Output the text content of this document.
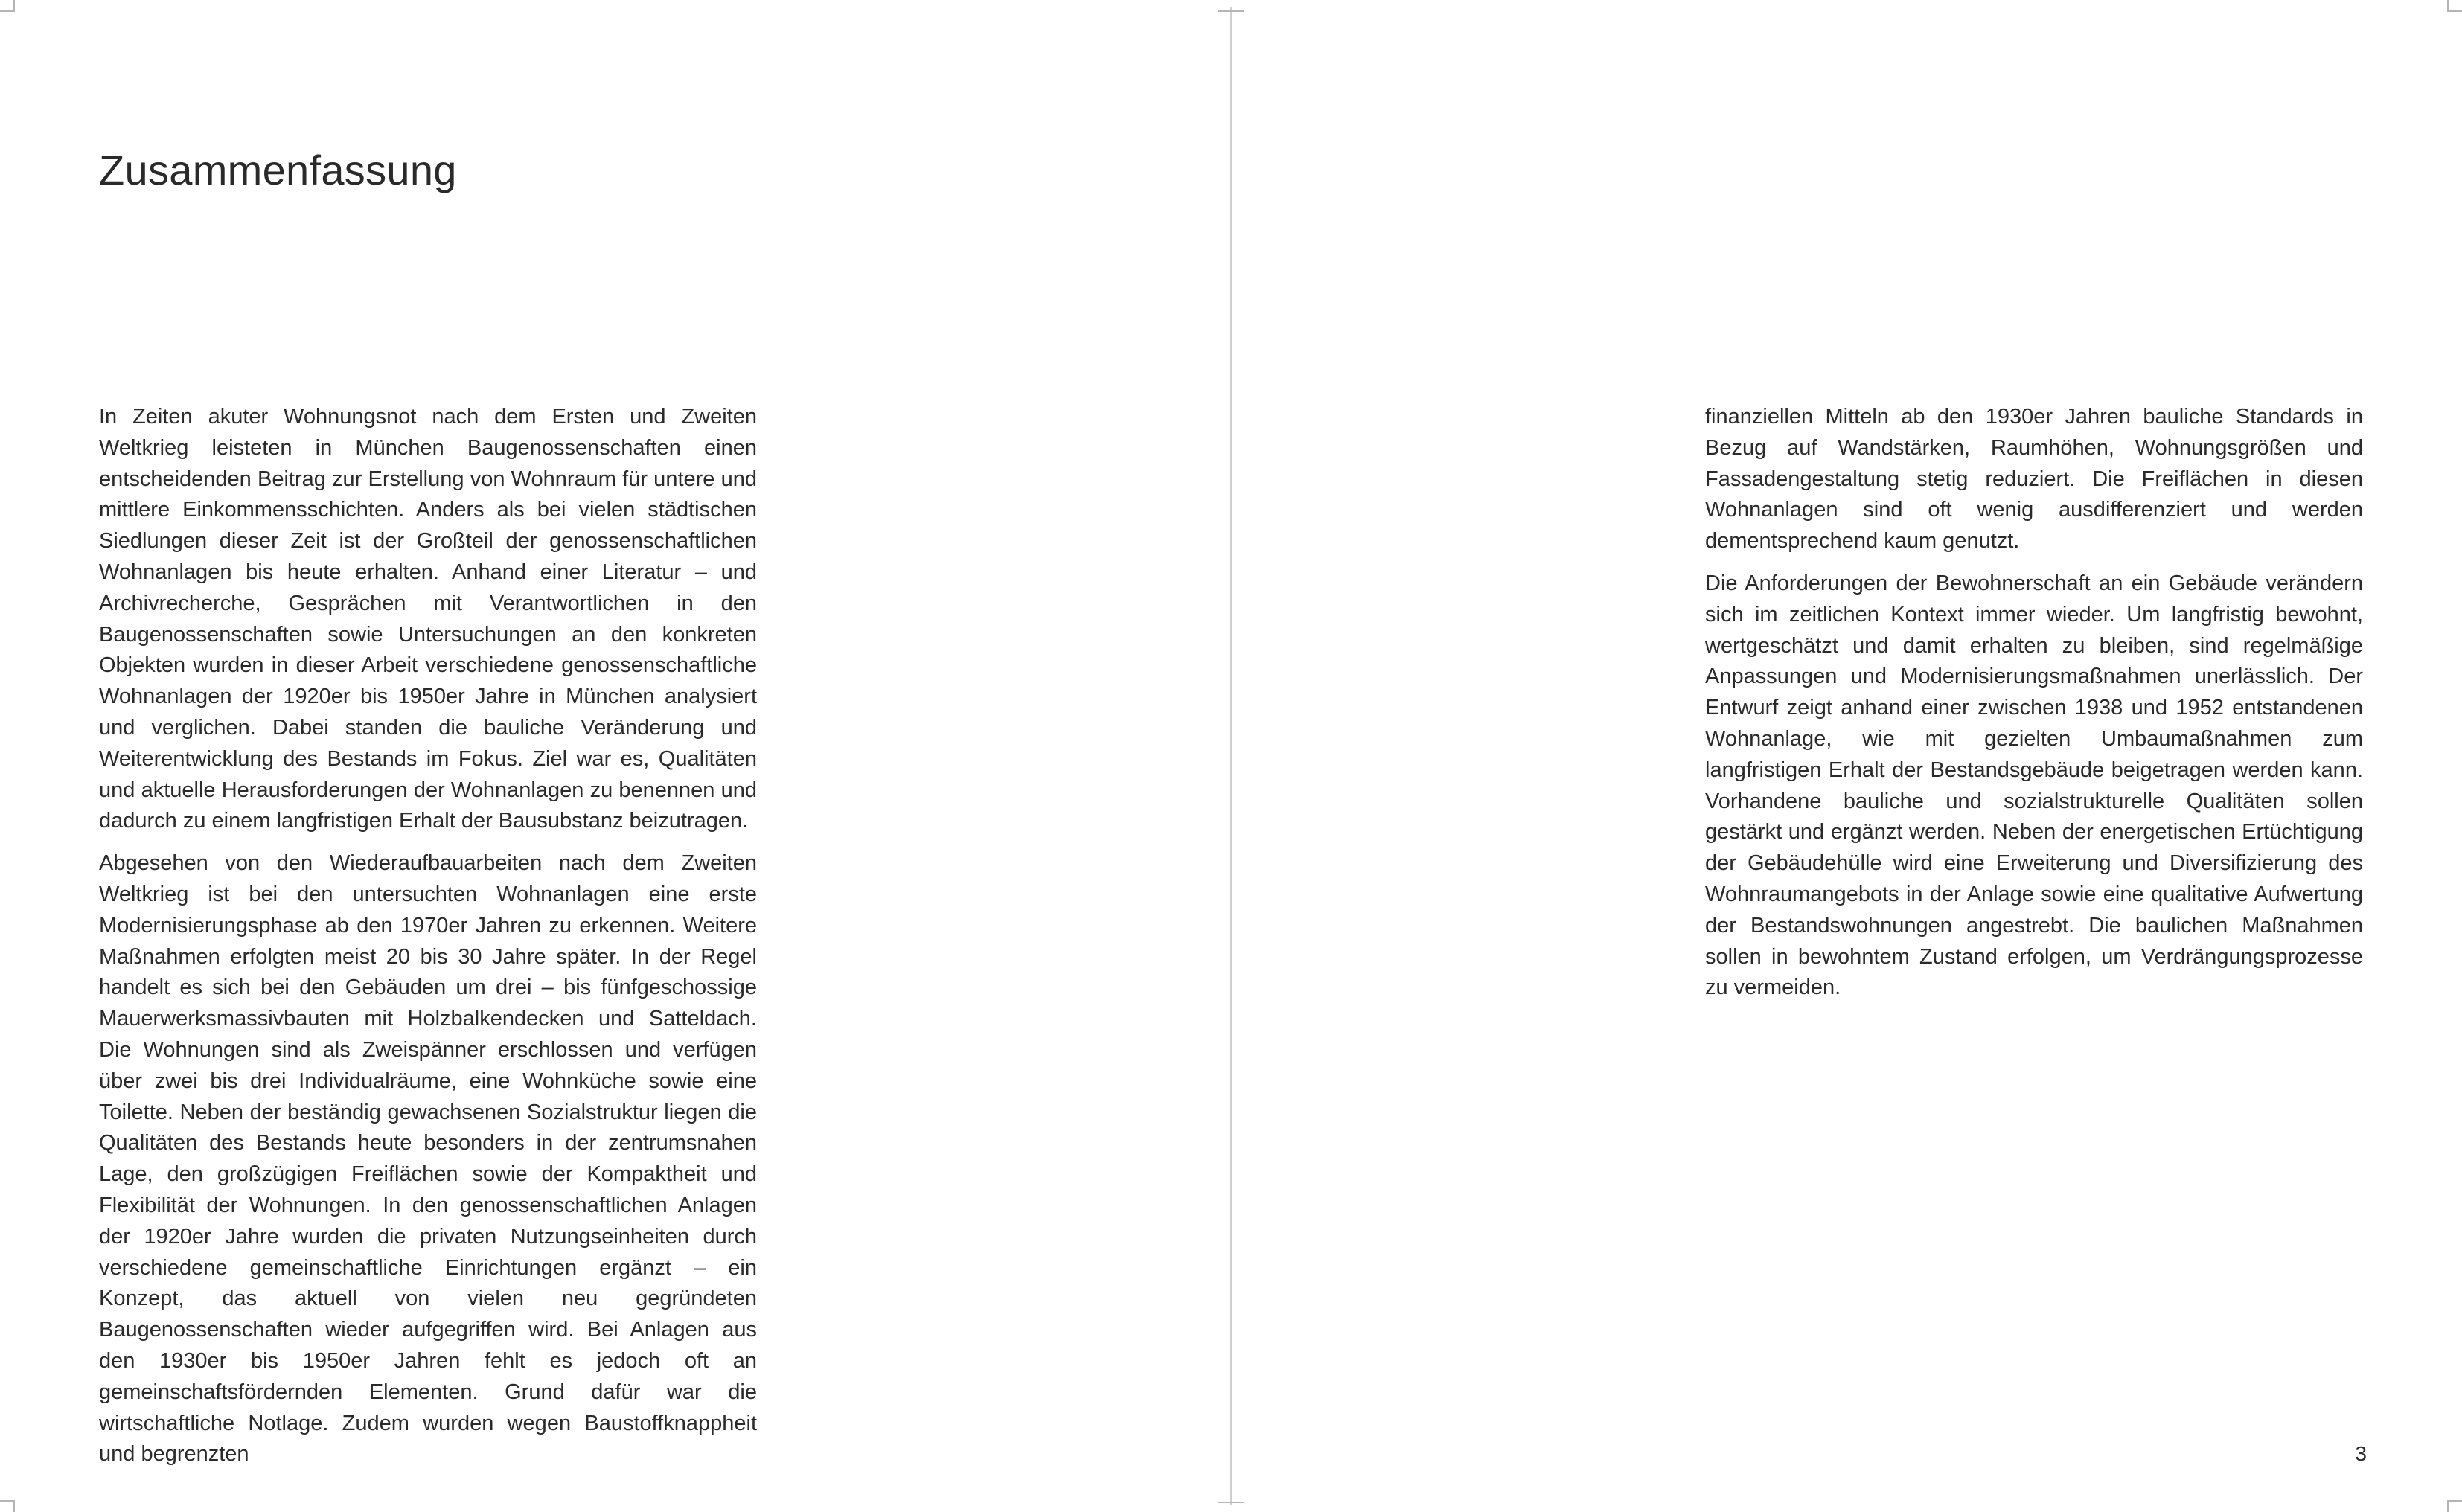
Zusammenfassung

In Zeiten akuter Wohnungsnot nach dem Ersten und Zweiten Weltkrieg leisteten in München Baugenossenschaften einen entscheidenden Beitrag zur Erstellung von Wohnraum für untere und mittlere Einkommensschichten. Anders als bei vielen städtischen Siedlungen dieser Zeit ist der Großteil der genossenschaftlichen Wohnanlagen bis heute erhalten. Anhand einer Literatur – und Archivrecherche, Gesprächen mit Verantwortlichen in den Baugenossenschaften sowie Untersuchungen an den konkreten Objekten wurden in dieser Arbeit verschiedene genossenschaftliche Wohnanlagen der 1920er bis 1950er Jahre in München analysiert und verglichen. Dabei standen die bauliche Veränderung und Weiterentwicklung des Bestands im Fokus. Ziel war es, Qualitäten und aktuelle Herausforderungen der Wohnanlagen zu benennen und dadurch zu einem langfristigen Erhalt der Bausubstanz beizutragen.

Abgesehen von den Wiederaufbauarbeiten nach dem Zweiten Weltkrieg ist bei den untersuchten Wohnanlagen eine erste Modernisierungsphase ab den 1970er Jahren zu erkennen. Weitere Maßnahmen erfolgten meist 20 bis 30 Jahre später. In der Regel handelt es sich bei den Gebäuden um drei – bis fünfgeschossige Mauerwerksmassivbauten mit Holzbalkendecken und Satteldach. Die Wohnungen sind als Zweispänner erschlossen und verfügen über zwei bis drei Individualräume, eine Wohnküche sowie eine Toilette. Neben der beständig gewachsenen Sozialstruktur liegen die Qualitäten des Bestands heute besonders in der zentrumsnahen Lage, den großzügigen Freiflächen sowie der Kompaktheit und Flexibilität der Wohnungen. In den genossenschaftlichen Anlagen der 1920er Jahre wurden die privaten Nutzungseinheiten durch verschiedene gemeinschaftliche Einrichtungen ergänzt – ein Konzept, das aktuell von vielen neu gegründeten Baugenossenschaften wieder aufgegriffen wird. Bei Anlagen aus den 1930er bis 1950er Jahren fehlt es jedoch oft an gemeinschaftsfördernden Elementen. Grund dafür war die wirtschaftliche Notlage. Zudem wurden wegen Baustoffknappheit und begrenzten

finanziellen Mitteln ab den 1930er Jahren bauliche Standards in Bezug auf Wandstärken, Raumhöhen, Wohnungsgrößen und Fassadengestaltung stetig reduziert. Die Freiflächen in diesen Wohnanlagen sind oft wenig ausdifferenziert und werden dementsprechend kaum genutzt.

Die Anforderungen der Bewohnerschaft an ein Gebäude verändern sich im zeitlichen Kontext immer wieder. Um langfristig bewohnt, wertgeschätzt und damit erhalten zu bleiben, sind regelmäßige Anpassungen und Modernisierungsmaßnahmen unerlässlich. Der Entwurf zeigt anhand einer zwischen 1938 und 1952 entstandenen Wohnanlage, wie mit gezielten Umbaumaßnahmen zum langfristigen Erhalt der Bestandsgebäude beigetragen werden kann. Vorhandene bauliche und sozialstrukturelle Qualitäten sollen gestärkt und ergänzt werden. Neben der energetischen Ertüchtigung der Gebäudehülle wird eine Erweiterung und Diversifizierung des Wohnraumangebots in der Anlage sowie eine qualitative Aufwertung der Bestandswohnungen angestrebt. Die baulichen Maßnahmen sollen in bewohntem Zustand erfolgen, um Verdrängungsprozesse zu vermeiden.

3
